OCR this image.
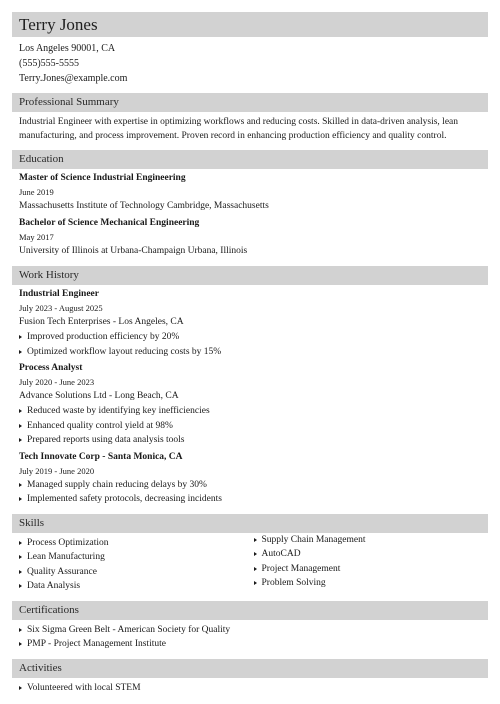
Terry Jones
Los Angeles 90001, CA
(555)555-5555
Terry.Jones@example.com
Professional Summary
Industrial Engineer with expertise in optimizing workflows and reducing costs. Skilled in data-driven analysis, lean manufacturing, and process improvement. Proven record in enhancing production efficiency and quality control.
Education
Master of Science Industrial Engineering
June 2019
Massachusetts Institute of Technology Cambridge, Massachusetts
Bachelor of Science Mechanical Engineering
May 2017
University of Illinois at Urbana-Champaign Urbana, Illinois
Work History
Industrial Engineer
July 2023 - August 2025
Fusion Tech Enterprises - Los Angeles, CA
Improved production efficiency by 20%
Optimized workflow layout reducing costs by 15%
Process Analyst
July 2020 - June 2023
Advance Solutions Ltd - Long Beach, CA
Reduced waste by identifying key inefficiencies
Enhanced quality control yield at 98%
Prepared reports using data analysis tools
Tech Innovate Corp - Santa Monica, CA
July 2019 - June 2020
Managed supply chain reducing delays by 30%
Implemented safety protocols, decreasing incidents
Skills
Process Optimization
Lean Manufacturing
Quality Assurance
Data Analysis
Supply Chain Management
AutoCAD
Project Management
Problem Solving
Certifications
Six Sigma Green Belt - American Society for Quality
PMP - Project Management Institute
Activities
Volunteered with local STEM
